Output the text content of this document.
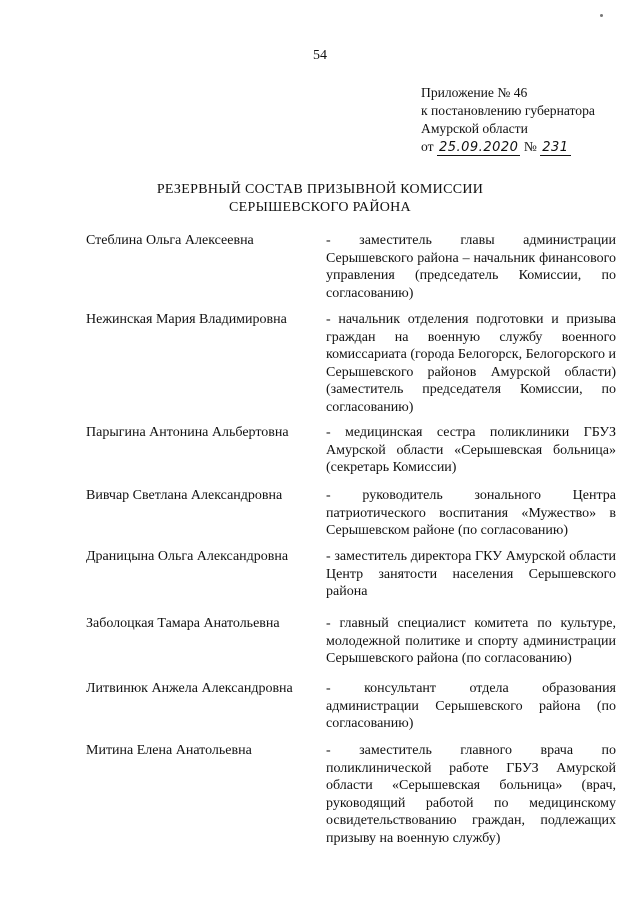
54
Приложение № 46
к постановлению губернатора
Амурской области
от 25.09.2020 № 231
РЕЗЕРВНЫЙ СОСТАВ ПРИЗЫВНОЙ КОМИССИИ
СЕРЫШЕВСКОГО РАЙОНА
Стеблина Ольга Алексеевна	- заместитель главы администрации Серышевского района – начальник финансового управления (председатель Комиссии, по согласованию)
Нежинская Мария Владимировна	- начальник отделения подготовки и призыва граждан на военную службу военного комиссариата (города Белогорск, Белогорского и Серышевского районов Амурской области) (заместитель председателя Комиссии, по согласованию)
Парыгина Антонина Альбертовна	- медицинская сестра поликлиники ГБУЗ Амурской области «Серышевская больница» (секретарь Комиссии)
Вивчар Светлана Александровна	- руководитель зонального Центра патриотического воспитания «Мужество» в Серышевском районе (по согласованию)
Драницына Ольга Александровна	- заместитель директора ГКУ Амурской области Центр занятости населения Серышевского района
Заболоцкая Тамара Анатольевна	- главный специалист комитета по культуре, молодежной политике и спорту администрации Серышевского района (по согласованию)
Литвинюк Анжела Александровна	- консультант отдела образования администрации Серышевского района (по согласованию)
Митина Елена Анатольевна	- заместитель главного врача по поликлинической работе ГБУЗ Амурской области «Серышевская больница» (врач, руководящий работой по медицинскому освидетельствованию граждан, подлежащих призыву на военную службу)
